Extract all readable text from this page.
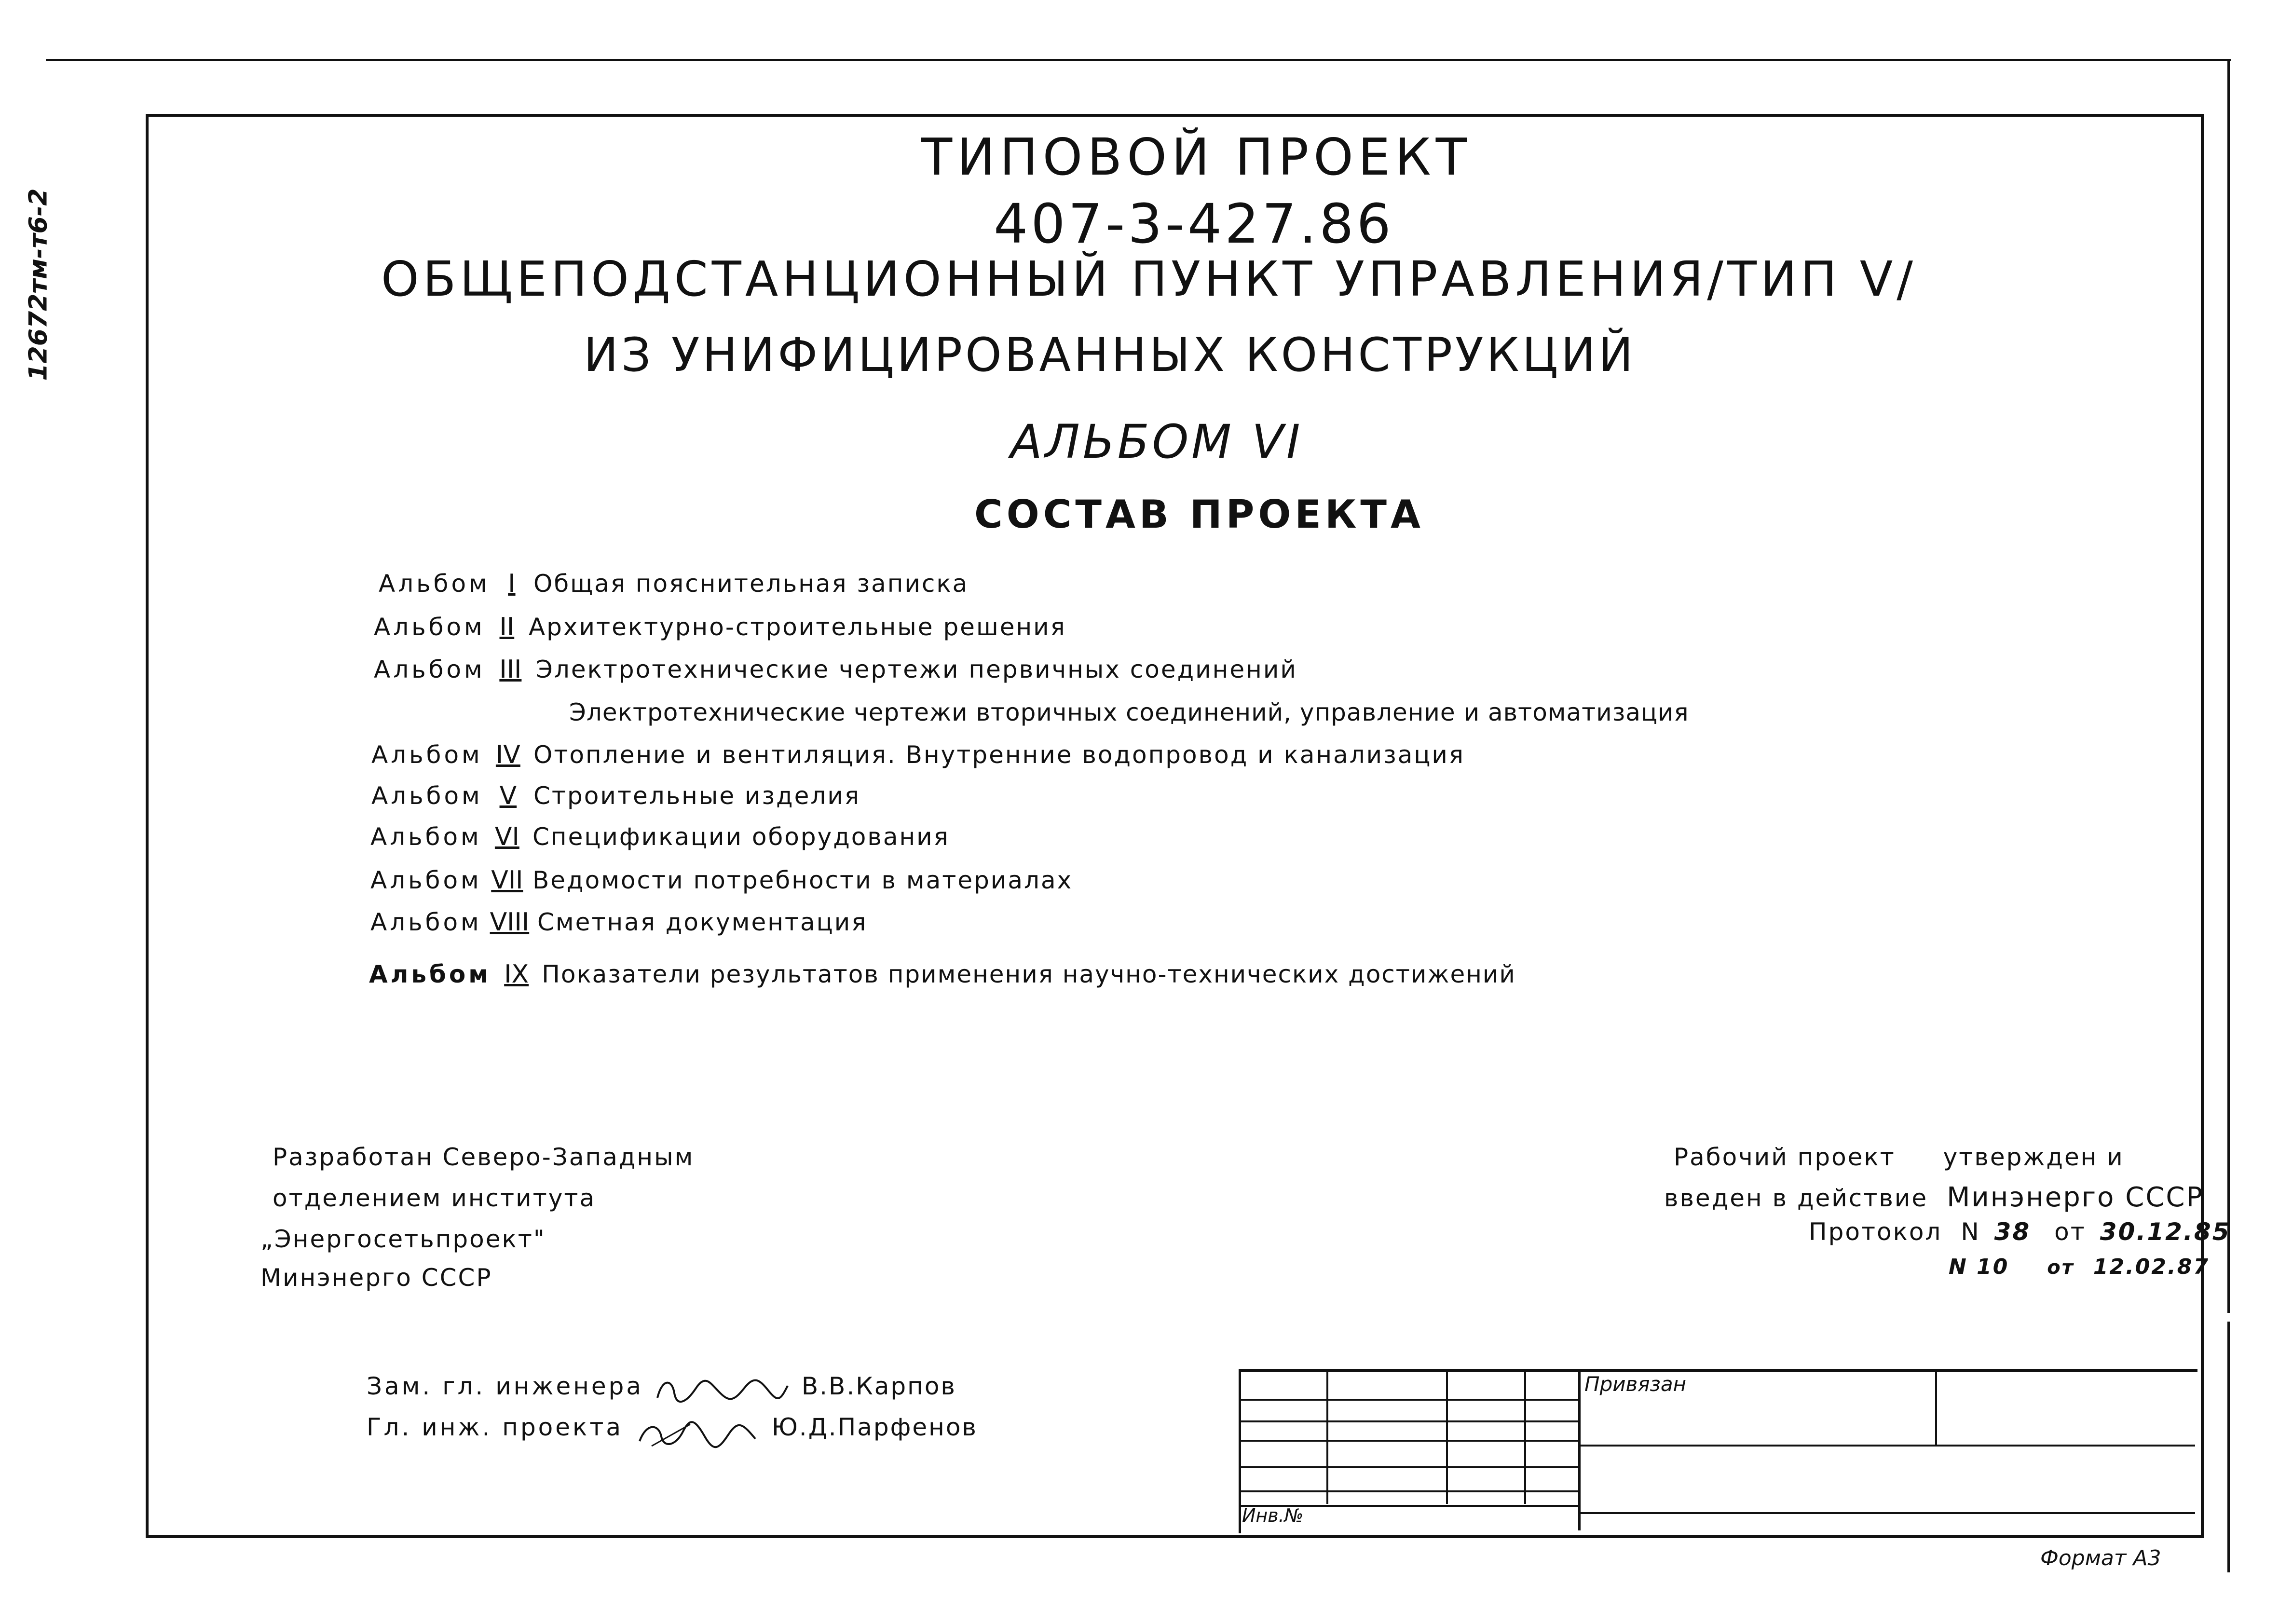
12672тм-т6-2
ТИПОВОЙ ПРОЕКТ
407-3-427.86
ОБЩЕПОДСТАНЦИОННЫЙ ПУНКТ УПРАВЛЕНИЯ/ТИП V/
ИЗ УНИФИЦИРОВАННЫХ КОНСТРУКЦИЙ
АЛЬБОМ VI
СОСТАВ ПРОЕКТА
Альбом I Общая пояснительная записка
Альбом II Архитектурно-строительные решения
Альбом III Электротехнические чертежи первичных соединений
Электротехнические чертежи вторичных соединений, управление и автоматизация
Альбом IV Отопление и вентиляция. Внутренние водопровод и канализация
Альбом V Строительные изделия
Альбом VI Спецификации оборудования
Альбом VII Ведомости потребности в материалах
Альбом VIII Сметная документация
Альбом IX Показатели результатов применения научно-технических достижений
Разработан Северо-Западным
отделением института
„Энергосетьпроект"
Минэнерго СССР
Рабочий проект утвержден и
введен в действие Минэнерго СССР
Протокол N 38 от 30.12.85
N 10 от 12.02.87
Зам. гл. инженера	В.В.Карпов
Гл. инж. проекта	Ю.Д.Парфенов
Привязан
Инв.№
Формат А3
